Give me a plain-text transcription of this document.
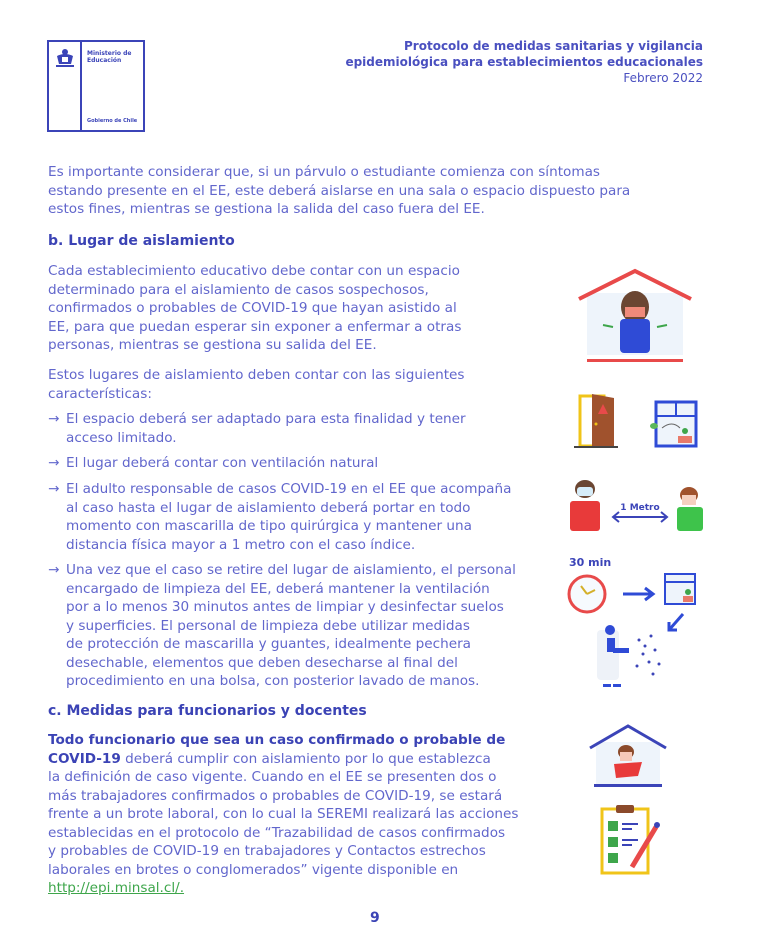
Ministerio de
Educación
Gobierno de Chile
Protocolo de medidas sanitarias y vigilancia
epidemiológica para establecimientos educacionales
Febrero 2022
Es importante considerar que, si un párvulo o estudiante comienza con síntomas
estando presente en el EE, este deberá aislarse en una sala o espacio dispuesto para
estos fines, mientras se gestiona la salida del caso fuera del EE.
b. Lugar de aislamiento
Cada establecimiento educativo debe contar con un espacio
determinado para el aislamiento de casos sospechosos,
confirmados o probables de COVID-19 que hayan asistido al
EE, para que puedan esperar sin exponer a enfermar a otras
personas, mientras se gestiona su salida del EE.
Estos lugares de aislamiento deben contar con las siguientes
características:
→ El espacio deberá ser adaptado para esta finalidad y tener
acceso limitado.
→ El lugar deberá contar con ventilación natural
→ El adulto responsable de casos COVID-19 en el EE que acompaña
al caso hasta el lugar de aislamiento deberá portar en todo
momento con mascarilla de tipo quirúrgica y mantener una
distancia física mayor a 1 metro con el caso índice.
→ Una vez que el caso se retire del lugar de aislamiento, el personal
encargado de limpieza del EE, deberá mantener la ventilación
por a lo menos 30 minutos antes de limpiar y desinfectar suelos
y superficies. El personal de limpieza debe utilizar medidas
de protección de mascarilla y guantes, idealmente pechera
desechable, elementos que deben desecharse al final del
procedimiento en una bolsa, con posterior lavado de manos.
c. Medidas para funcionarios y docentes
Todo funcionario que sea un caso confirmado o probable de
COVID-19 deberá cumplir con aislamiento por lo que establezca
la definición de caso vigente. Cuando en el EE se presenten dos o
más trabajadores confirmados o probables de COVID-19, se estará
frente a un brote laboral, con lo cual la SEREMI realizará las acciones
establecidas en el protocolo de “Trazabilidad de casos confirmados
y probables de COVID-19 en trabajadores y Contactos estrechos
laborales en brotes o conglomerados” vigente disponible en
http://epi.minsal.cl/.
1 Metro
30 min
9
